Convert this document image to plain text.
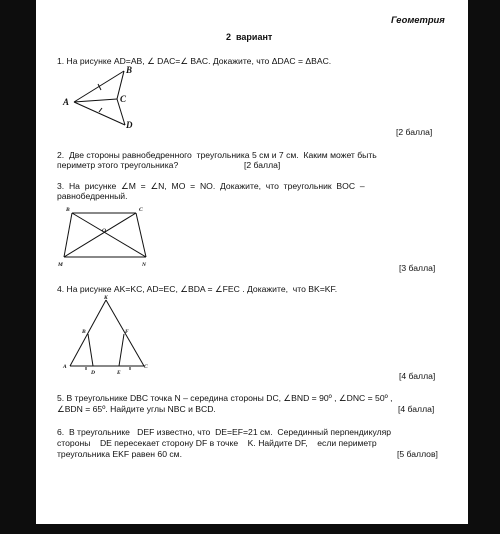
Геометрия
2  вариант
1. На рисунке AD=AB, ∠ DAC=∠ BAC. Докажите, что ΔDAC = ΔBAC.
B
A	C
D
[2 балла]
2.  Две стороны равнобедренного  треугольника 5 см и 7 см.  Каким может быть
периметр этого треугольника?	[2 балла]
3.  На  рисунке  ∠M  =  ∠N,  MO  =  NO.  Докажите,  что  треугольник  BOC  –
равнобедренный.
B	C
O
M	N	[3 балла]
4. На рисунке AK=KC, AD=EC, ∠BDA = ∠FEC . Докажите,  что BK=KF.
K
B	F
A
D	E
C
[4 балла]
5. В треугольнике DBC точка N – середина стороны DC, ∠BND = 90º , ∠DNC = 50º ,
∠BDN = 65º. Найдите углы NBC и BCD.	[4 балла]
6.  В треугольнике   DEF известно, что  DE=EF=21 см.  Серединный перпендикуляр
стороны    DE пересекает сторону DF в точке    K. Найдите DF,    если периметр
треугольника EKF равен 60 см.	[5 баллов]
